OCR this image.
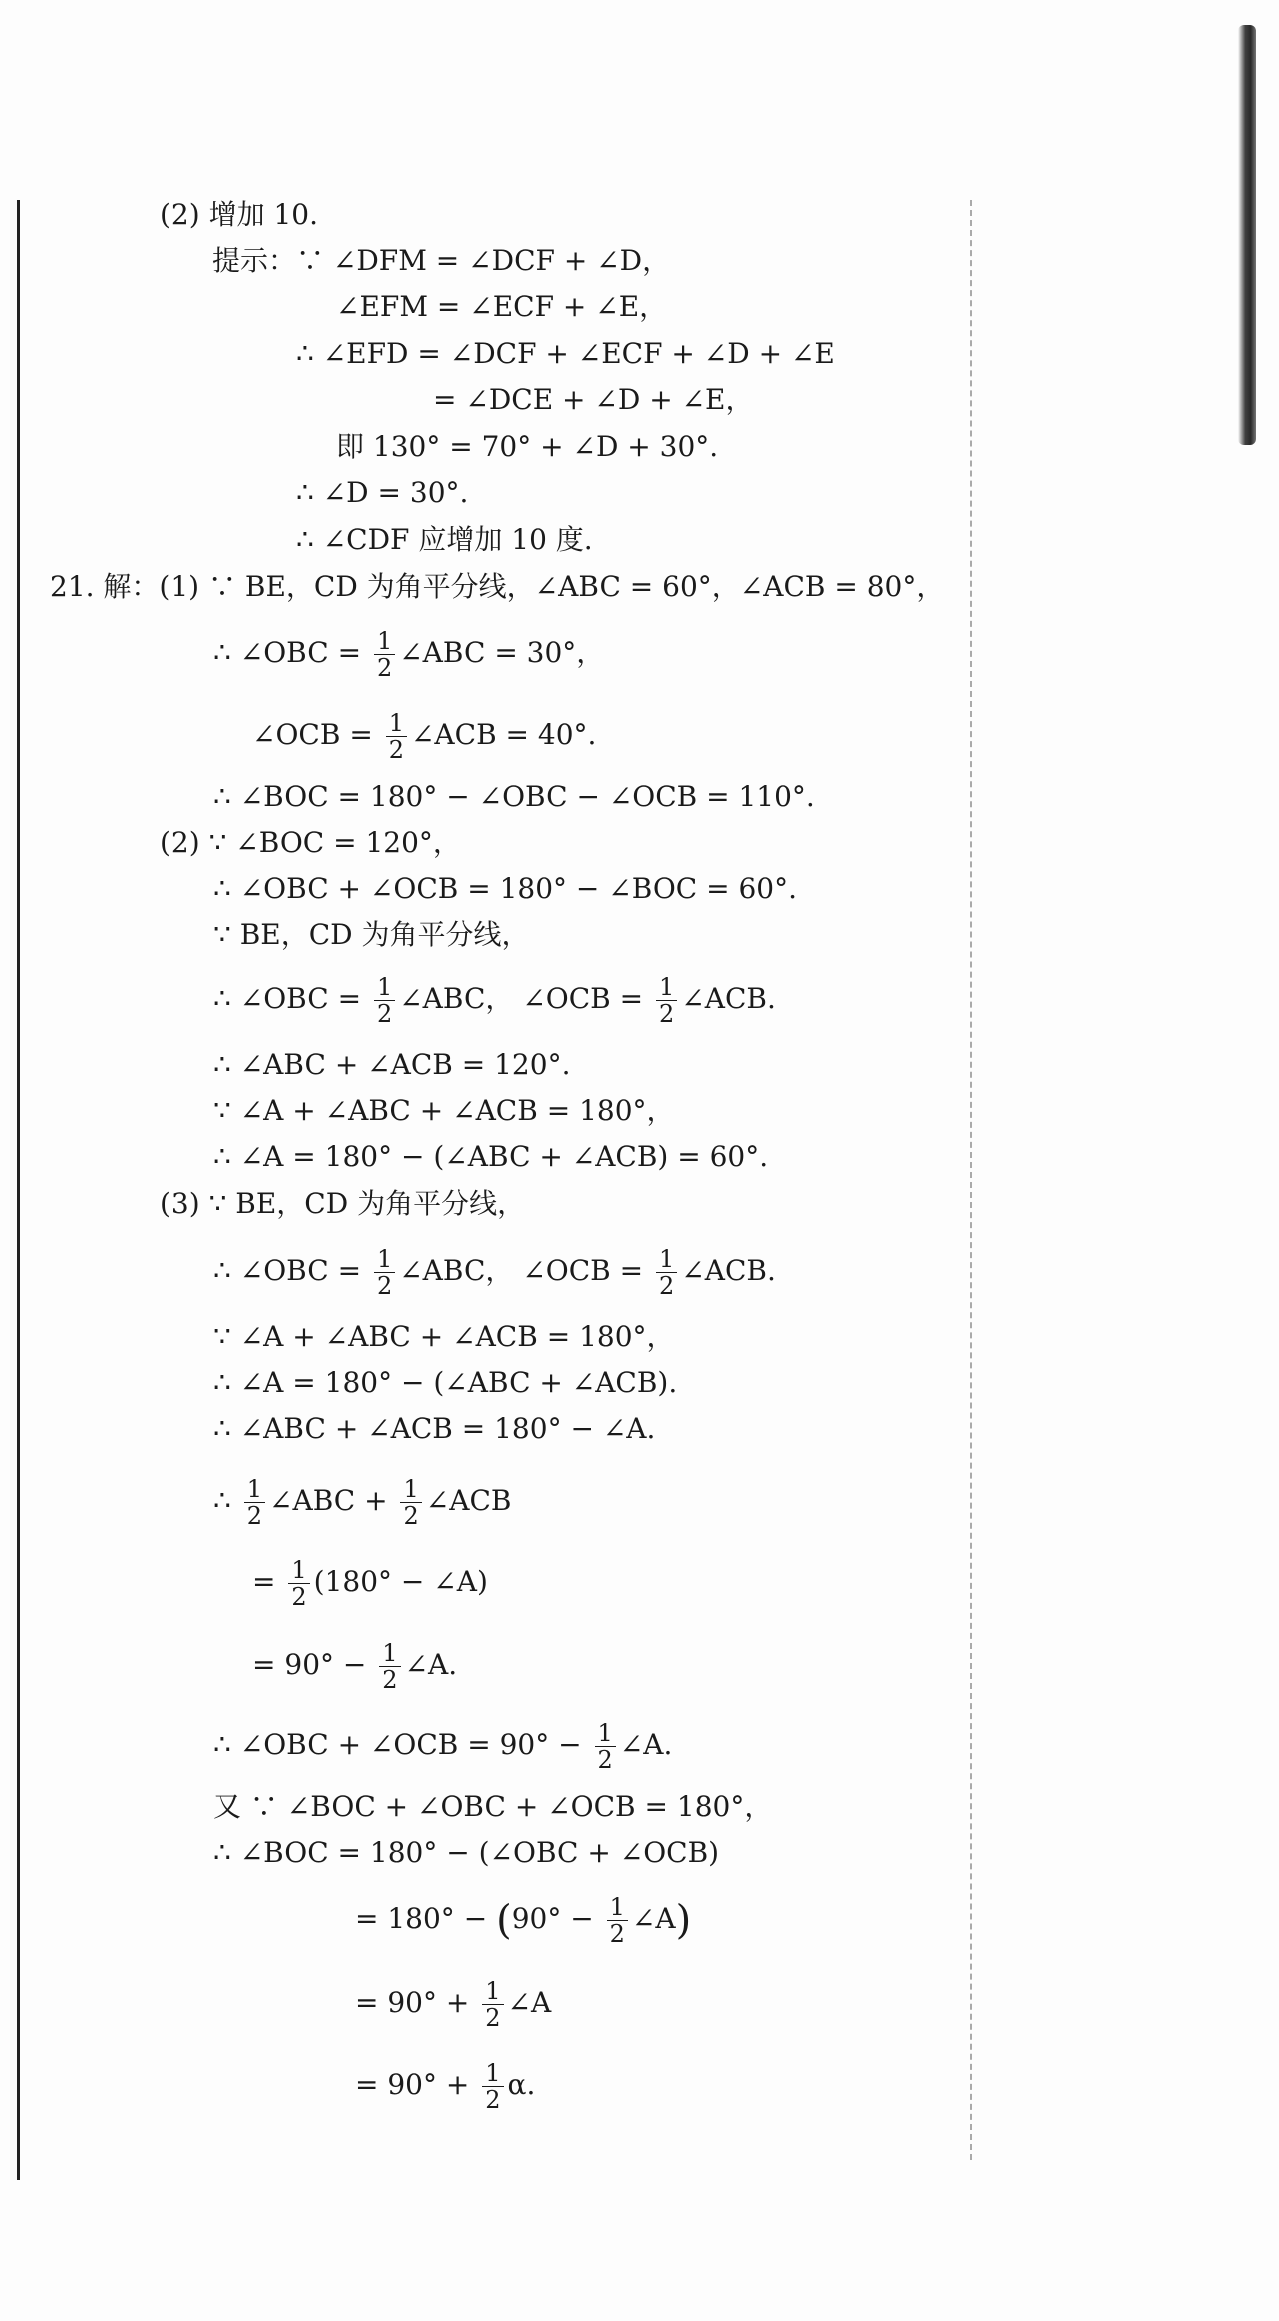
(2) 增加 10.
提示：∵ ∠DFM = ∠DCF + ∠D，
∠EFM = ∠ECF + ∠E，
∴ ∠EFD = ∠DCF + ∠ECF + ∠D + ∠E
= ∠DCE + ∠D + ∠E，
即 130° = 70° + ∠D + 30°.
∴ ∠D = 30°.
∴ ∠CDF 应增加 10 度.
21. 解：(1) ∵ BE，CD 为角平分线，∠ABC = 60°，∠ACB = 80°，
∴ ∠OBC = $\frac{1}{2}$ ∠ABC = 30°，
∠OCB = $\frac{1}{2}$ ∠ACB = 40°.
∴ ∠BOC = 180° − ∠OBC − ∠OCB = 110°.
(2) ∵ ∠BOC = 120°，
∴ ∠OBC + ∠OCB = 180° − ∠BOC = 60°.
∵ BE，CD 为角平分线，
∴ ∠OBC = $\frac{1}{2}$ ∠ABC， ∠OCB = $\frac{1}{2}$ ∠ACB.
∴ ∠ABC + ∠ACB = 120°.
∵ ∠A + ∠ABC + ∠ACB = 180°，
∴ ∠A = 180° − (∠ABC + ∠ACB) = 60°.
(3) ∵ BE，CD 为角平分线，
∴ ∠OBC = $\frac{1}{2}$ ∠ABC， ∠OCB = $\frac{1}{2}$ ∠ACB.
∵ ∠A + ∠ABC + ∠ACB = 180°，
∴ ∠A = 180° − (∠ABC + ∠ACB).
∴ ∠ABC + ∠ACB = 180° − ∠A.
∴ $\frac{1}{2}$ ∠ABC + $\frac{1}{2}$ ∠ACB
= $\frac{1}{2} (180^\circ$ − ∠A)
= $90^\circ - \frac{1}{2}$ ∠A.
∴ ∠OBC + ∠OCB = $90^\circ - \frac{1}{2}$ ∠A.
又 ∵ ∠BOC + ∠OBC + ∠OCB = 180°，
∴ ∠BOC = 180° − (∠OBC + ∠OCB)
= $180^\circ - (90^\circ - \frac{1}{2}$ ∠A)
= $90^\circ + \frac{1}{2}$ ∠A
= $90^\circ + \frac{1}{2} \alpha$.
